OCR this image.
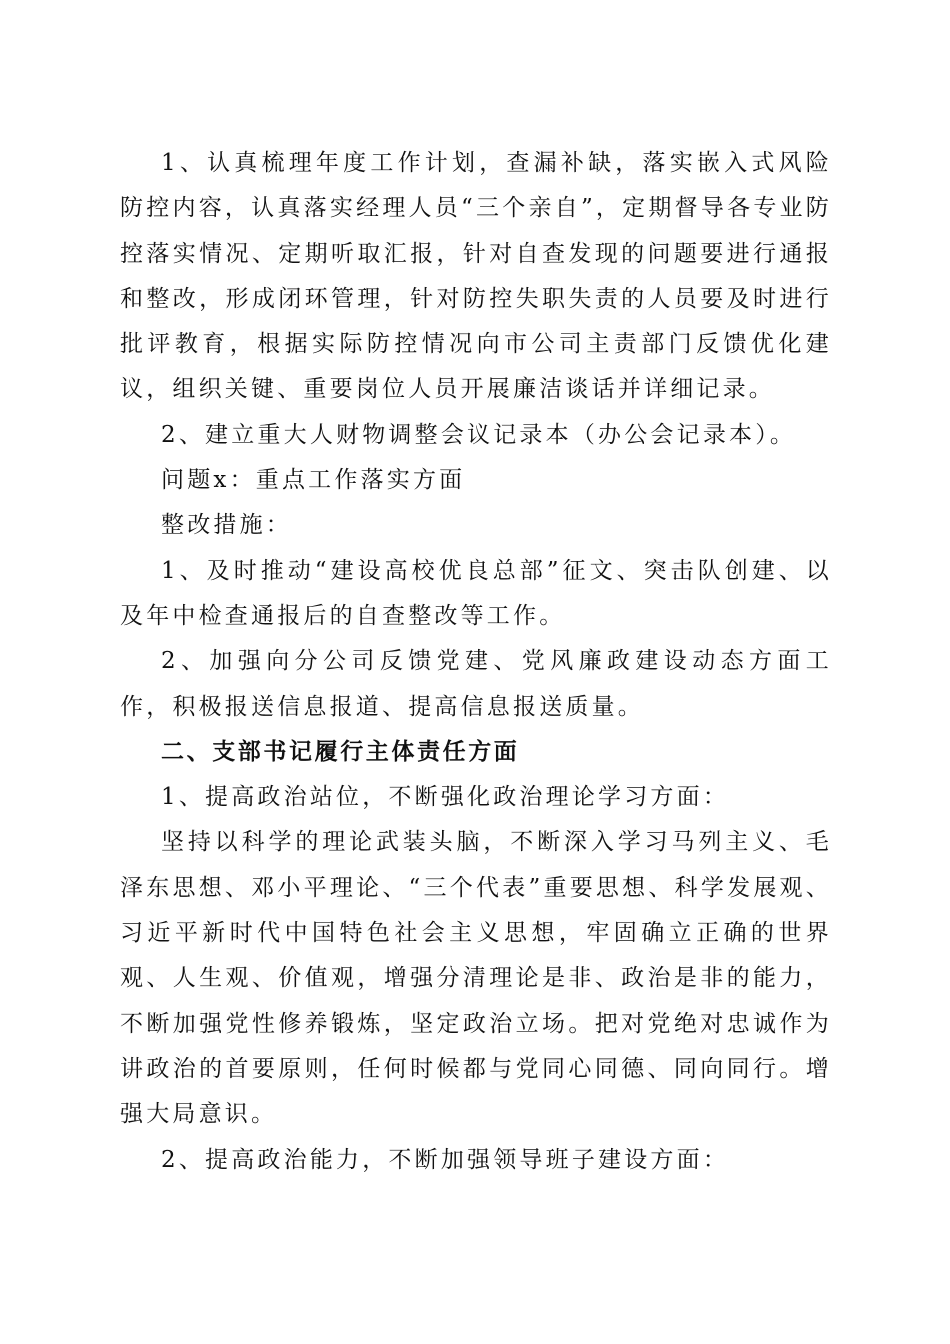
1、认真梳理年度工作计划，查漏补缺，落实嵌入式风险防控内容，认真落实经理人员“三个亲自”，定期督导各专业防控落实情况、定期听取汇报，针对自查发现的问题要进行通报和整改，形成闭环管理，针对防控失职失责的人员要及时进行批评教育，根据实际防控情况向市公司主责部门反馈优化建议，组织关键、重要岗位人员开展廉洁谈话并详细记录。

2、建立重大人财物调整会议记录本（办公会记录本）。

问题x：重点工作落实方面

整改措施：

1、及时推动“建设高校优良总部”征文、突击队创建、以及年中检查通报后的自查整改等工作。

2、加强向分公司反馈党建、党风廉政建设动态方面工作，积极报送信息报道、提高信息报送质量。

二、支部书记履行主体责任方面

1、提高政治站位，不断强化政治理论学习方面：

坚持以科学的理论武装头脑，不断深入学习马列主义、毛泽东思想、邓小平理论、“三个代表”重要思想、科学发展观、习近平新时代中国特色社会主义思想，牢固确立正确的世界观、人生观、价值观，增强分清理论是非、政治是非的能力，不断加强党性修养锻炼，坚定政治立场。把对党绝对忠诚作为讲政治的首要原则，任何时候都与党同心同德、同向同行。增强大局意识。

2、提高政治能力，不断加强领导班子建设方面：
